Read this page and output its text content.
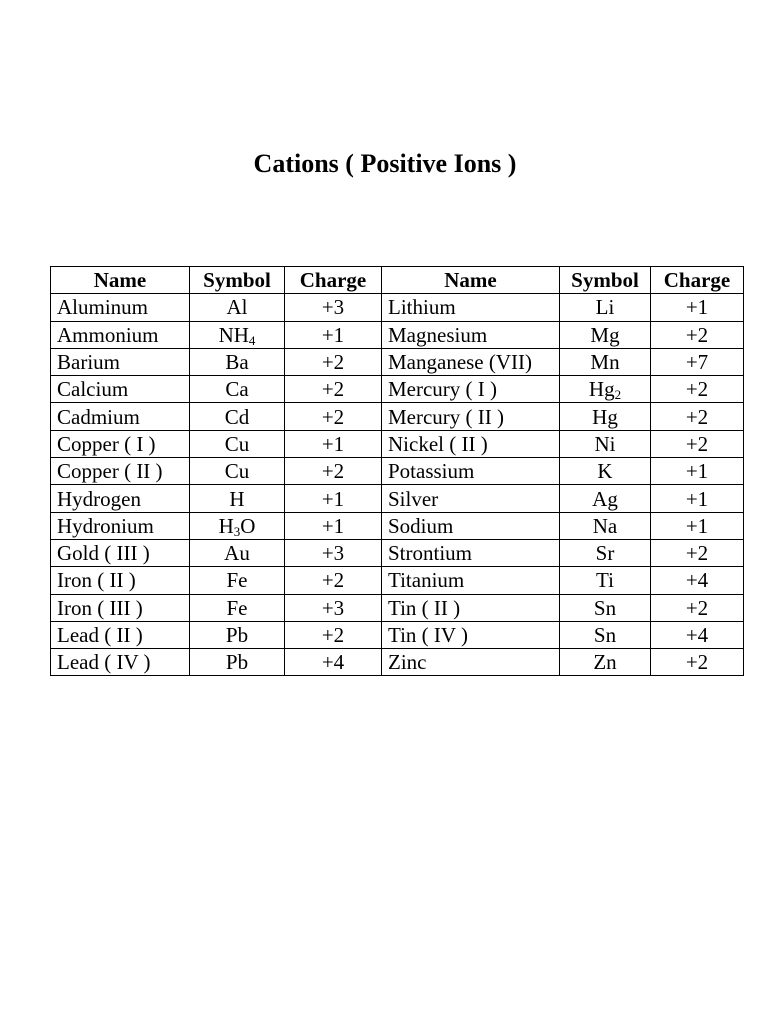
Cations ( Positive Ions )
Name	Symbol	Charge	Name	Symbol	Charge
Aluminum	Al	+3	Lithium	Li	+1
Ammonium	$NH_4$	+1	Magnesium	Mg	+2
Barium	Ba	+2	Manganese (VII)	Mn	+7
Calcium	Ca	+2	Mercury ( I )	$Hg_2$	+2
Cadmium	Cd	+2	Mercury ( II )	Hg	+2
Copper ( I )	Cu	+1	Nickel ( II )	Ni	+2
Copper ( II )	Cu	+2	Potassium	K	+1
Hydrogen	H	+1	Silver	Ag	+1
Hydronium	$H_3O$	+1	Sodium	Na	+1
Gold ( III )	Au	+3	Strontium	Sr	+2
Iron ( II )	Fe	+2	Titanium	Ti	+4
Iron ( III )	Fe	+3	Tin ( II )	Sn	+2
Lead ( II )	Pb	+2	Tin ( IV )	Sn	+4
Lead ( IV )	Pb	+4	Zinc	Zn	+2
